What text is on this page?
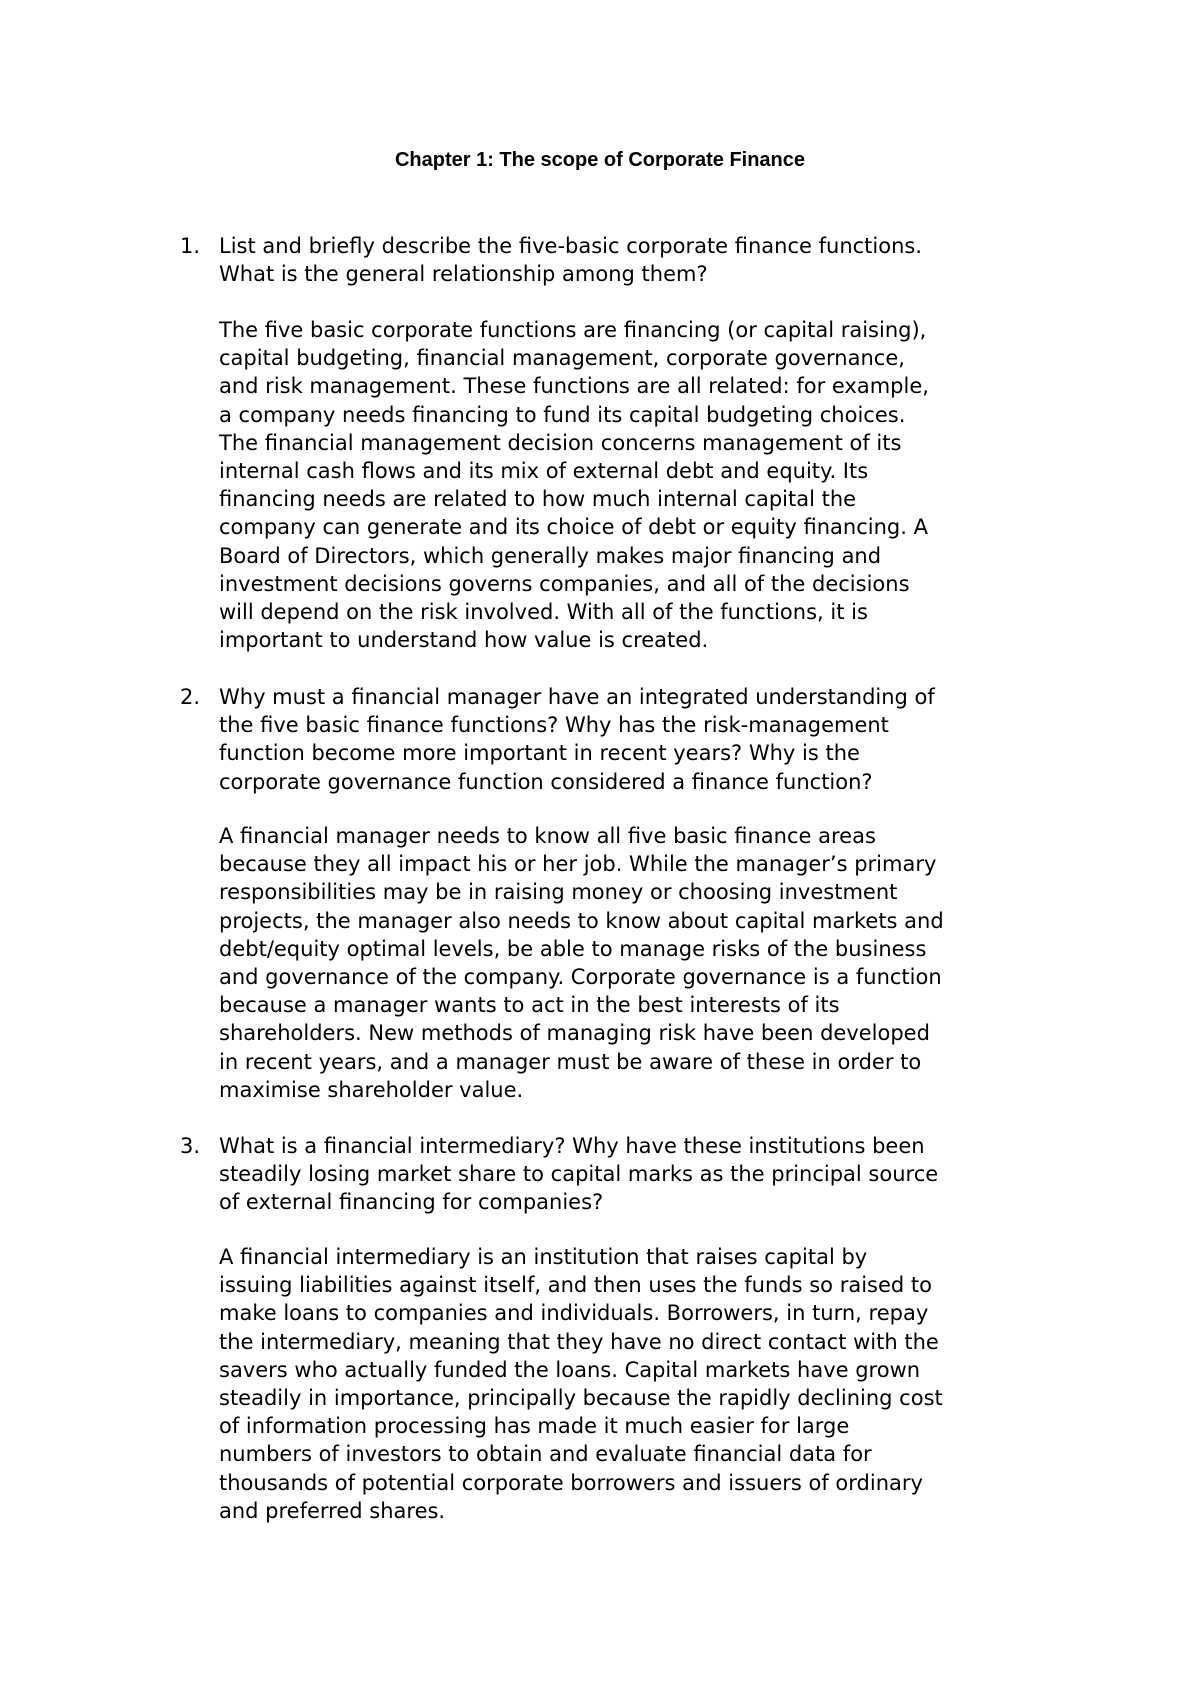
Chapter 1: The scope of Corporate Finance
1. List and briefly describe the five-basic corporate finance functions.
What is the general relationship among them?

The five basic corporate functions are financing (or capital raising),
capital budgeting, financial management, corporate governance,
and risk management. These functions are all related: for example,
a company needs financing to fund its capital budgeting choices.
The financial management decision concerns management of its
internal cash flows and its mix of external debt and equity. Its
financing needs are related to how much internal capital the
company can generate and its choice of debt or equity financing. A
Board of Directors, which generally makes major financing and
investment decisions governs companies, and all of the decisions
will depend on the risk involved. With all of the functions, it is
important to understand how value is created.

2. Why must a financial manager have an integrated understanding of
the five basic finance functions? Why has the risk-management
function become more important in recent years? Why is the
corporate governance function considered a finance function?

A financial manager needs to know all five basic finance areas
because they all impact his or her job. While the manager’s primary
responsibilities may be in raising money or choosing investment
projects, the manager also needs to know about capital markets and
debt/equity optimal levels, be able to manage risks of the business
and governance of the company. Corporate governance is a function
because a manager wants to act in the best interests of its
shareholders. New methods of managing risk have been developed
in recent years, and a manager must be aware of these in order to
maximise shareholder value.

3. What is a financial intermediary? Why have these institutions been
steadily losing market share to capital marks as the principal source
of external financing for companies?

A financial intermediary is an institution that raises capital by
issuing liabilities against itself, and then uses the funds so raised to
make loans to companies and individuals. Borrowers, in turn, repay
the intermediary, meaning that they have no direct contact with the
savers who actually funded the loans. Capital markets have grown
steadily in importance, principally because the rapidly declining cost
of information processing has made it much easier for large
numbers of investors to obtain and evaluate financial data for
thousands of potential corporate borrowers and issuers of ordinary
and preferred shares.
